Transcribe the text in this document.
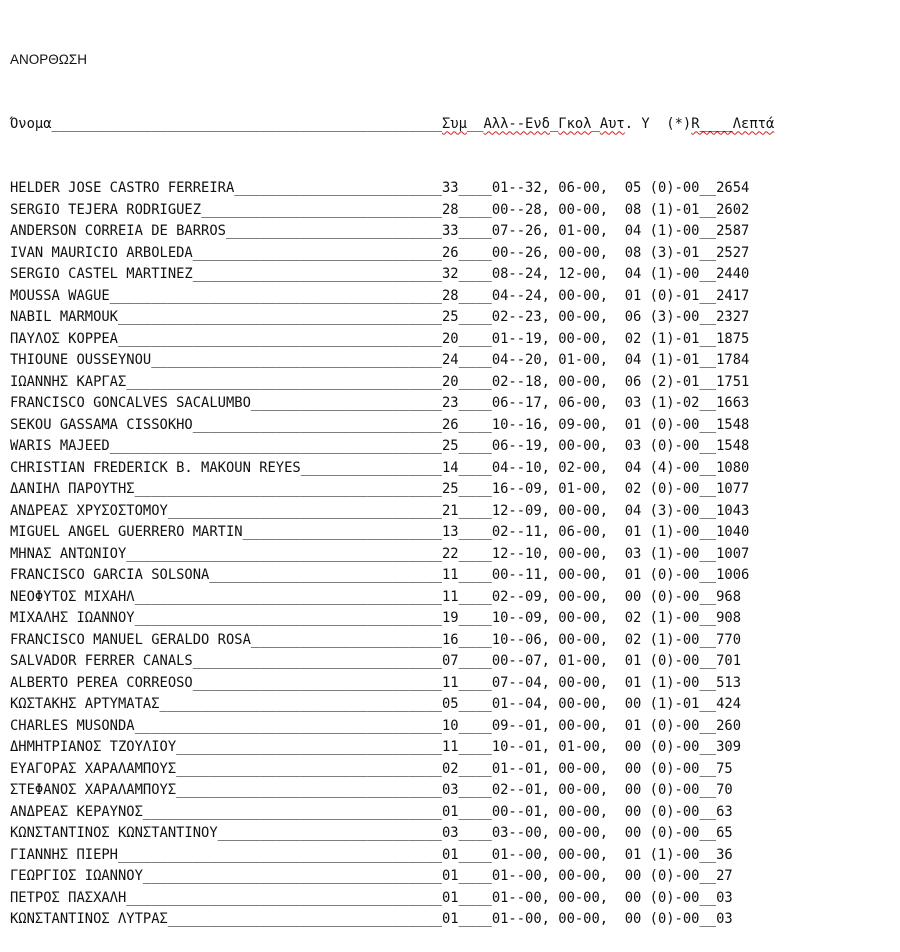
ΑΝΟΡΘΩΣΗ

Όνομα_______________________________________________Συμ__Αλλ--Ενδ_Γκολ_Αυτ. Υ  (*)R____Λεπτά

HELDER JOSE CASTRO FERREIRA_________________________33____01--32, 06-00,  05 (0)-00__2654
SERGIO TEJERA RODRIGUEZ_____________________________28____00--28, 00-00,  08 (1)-01__2602
ANDERSON CORREIA DE BARROS__________________________33____07--26, 01-00,  04 (1)-00__2587
IVAN MAURICIO ARBOLEDA______________________________26____00--26, 00-00,  08 (3)-01__2527
SERGIO CASTEL MARTINEZ______________________________32____08--24, 12-00,  04 (1)-00__2440
MOUSSA WAGUE________________________________________28____04--24, 00-00,  01 (0)-01__2417
NABIL MARMOUK_______________________________________25____02--23, 00-00,  06 (3)-00__2327
ΠΑΥΛΟΣ ΚΟΡΡΕΑ_______________________________________20____01--19, 00-00,  02 (1)-01__1875
THIOUNE OUSSEYNOU___________________________________24____04--20, 01-00,  04 (1)-01__1784
ΙΩΑΝΝΗΣ ΚΑΡΓΑΣ______________________________________20____02--18, 00-00,  06 (2)-01__1751
FRANCISCO GONCALVES SACALUMBO_______________________23____06--17, 06-00,  03 (1)-02__1663
SEKOU GASSAMA CISSOKHO______________________________26____10--16, 09-00,  01 (0)-00__1548
WARIS MAJEED________________________________________25____06--19, 00-00,  03 (0)-00__1548
CHRISTIAN FREDERICK B. MAKOUN REYES_________________14____04--10, 02-00,  04 (4)-00__1080
ΔΑΝΙΗΛ ΠΑΡΟΥΤΗΣ_____________________________________25____16--09, 01-00,  02 (0)-00__1077
ΑΝΔΡΕΑΣ ΧΡΥΣΟΣΤΟΜΟΥ_________________________________21____12--09, 00-00,  04 (3)-00__1043
MIGUEL ANGEL GUERRERO MARTIN________________________13____02--11, 06-00,  01 (1)-00__1040
ΜΗΝΑΣ ΑΝΤΩΝΙΟΥ______________________________________22____12--10, 00-00,  03 (1)-00__1007
FRANCISCO GARCIA SOLSONA____________________________11____00--11, 00-00,  01 (0)-00__1006
ΝΕΟΦΥΤΟΣ ΜΙΧΑΗΛ_____________________________________11____02--09, 00-00,  00 (0)-00__968
ΜΙΧΑΛΗΣ ΙΩΑΝΝΟΥ_____________________________________19____10--09, 00-00,  02 (1)-00__908
FRANCISCO MANUEL GERALDO ROSA_______________________16____10--06, 00-00,  02 (1)-00__770
SALVADOR FERRER CANALS______________________________07____00--07, 01-00,  01 (0)-00__701
ALBERTO PEREA CORREOSO______________________________11____07--04, 00-00,  01 (1)-00__513
ΚΩΣΤΑΚΗΣ ΑΡΤΥΜΑΤΑΣ__________________________________05____01--04, 00-00,  00 (1)-01__424
CHARLES MUSONDA_____________________________________10____09--01, 00-00,  01 (0)-00__260
ΔΗΜΗΤΡΙΑΝΟΣ ΤΖΟΥΛΙΟΥ________________________________11____10--01, 01-00,  00 (0)-00__309
ΕΥΑΓΟΡΑΣ ΧΑΡΑΛΑΜΠΟΥΣ________________________________02____01--01, 00-00,  00 (0)-00__75
ΣΤΕΦΑΝΟΣ ΧΑΡΑΛΑΜΠΟΥΣ________________________________03____02--01, 00-00,  00 (0)-00__70
ΑΝΔΡΕΑΣ ΚΕΡΑΥΝΟΣ____________________________________01____00--01, 00-00,  00 (0)-00__63
ΚΩΝΣΤΑΝΤΙΝΟΣ ΚΩΝΣΤΑΝΤΙΝΟΥ___________________________03____03--00, 00-00,  00 (0)-00__65
ΓΙΑΝΝΗΣ ΠΙΕΡΗ_______________________________________01____01--00, 00-00,  01 (1)-00__36
ΓΕΩΡΓΙΟΣ ΙΩΑΝΝΟΥ____________________________________01____01--00, 00-00,  00 (0)-00__27
ΠΕΤΡΟΣ ΠΑΣΧΑΛΗ______________________________________01____01--00, 00-00,  00 (0)-00__03
ΚΩΝΣΤΑΝΤΙΝΟΣ ΛΥΤΡΑΣ_________________________________01____01--00, 00-00,  00 (0)-00__03
